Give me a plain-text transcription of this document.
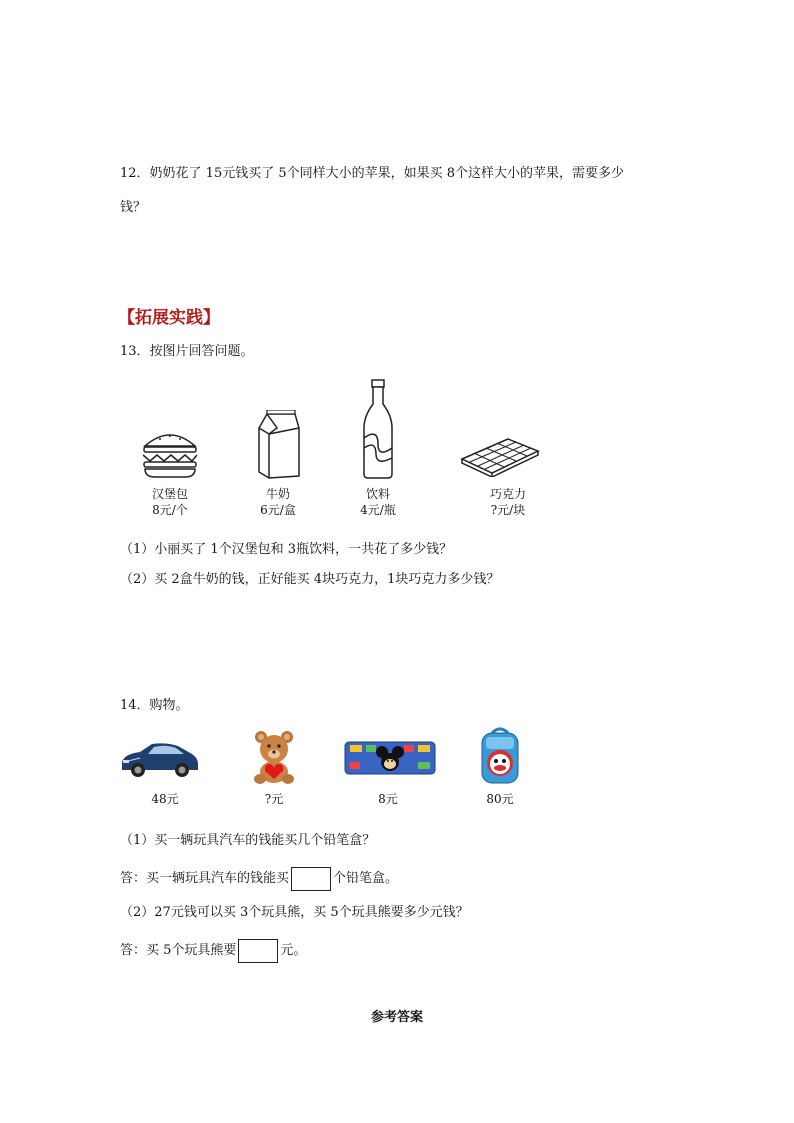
12．奶奶花了 15元钱买了 5个同样大小的苹果，如果买 8个这样大小的苹果，需要多少
钱？
【拓展实践】
13．按图片回答问题。
汉堡包
8元/个
牛奶
6元/盒
饮料
4元/瓶
巧克力
?元/块
（1）小丽买了 1个汉堡包和 3瓶饮料，一共花了多少钱？
（2）买 2盒牛奶的钱，正好能买 4块巧克力，1块巧克力多少钱？
14．购物。
48元	?元	8元	80元
（1）买一辆玩具汽车的钱能买几个铅笔盒？
答：买一辆玩具汽车的钱能买	个铅笔盒。
（2）27元钱可以买 3个玩具熊，买 5个玩具熊要多少元钱？
答：买 5个玩具熊要	元。
参考答案
